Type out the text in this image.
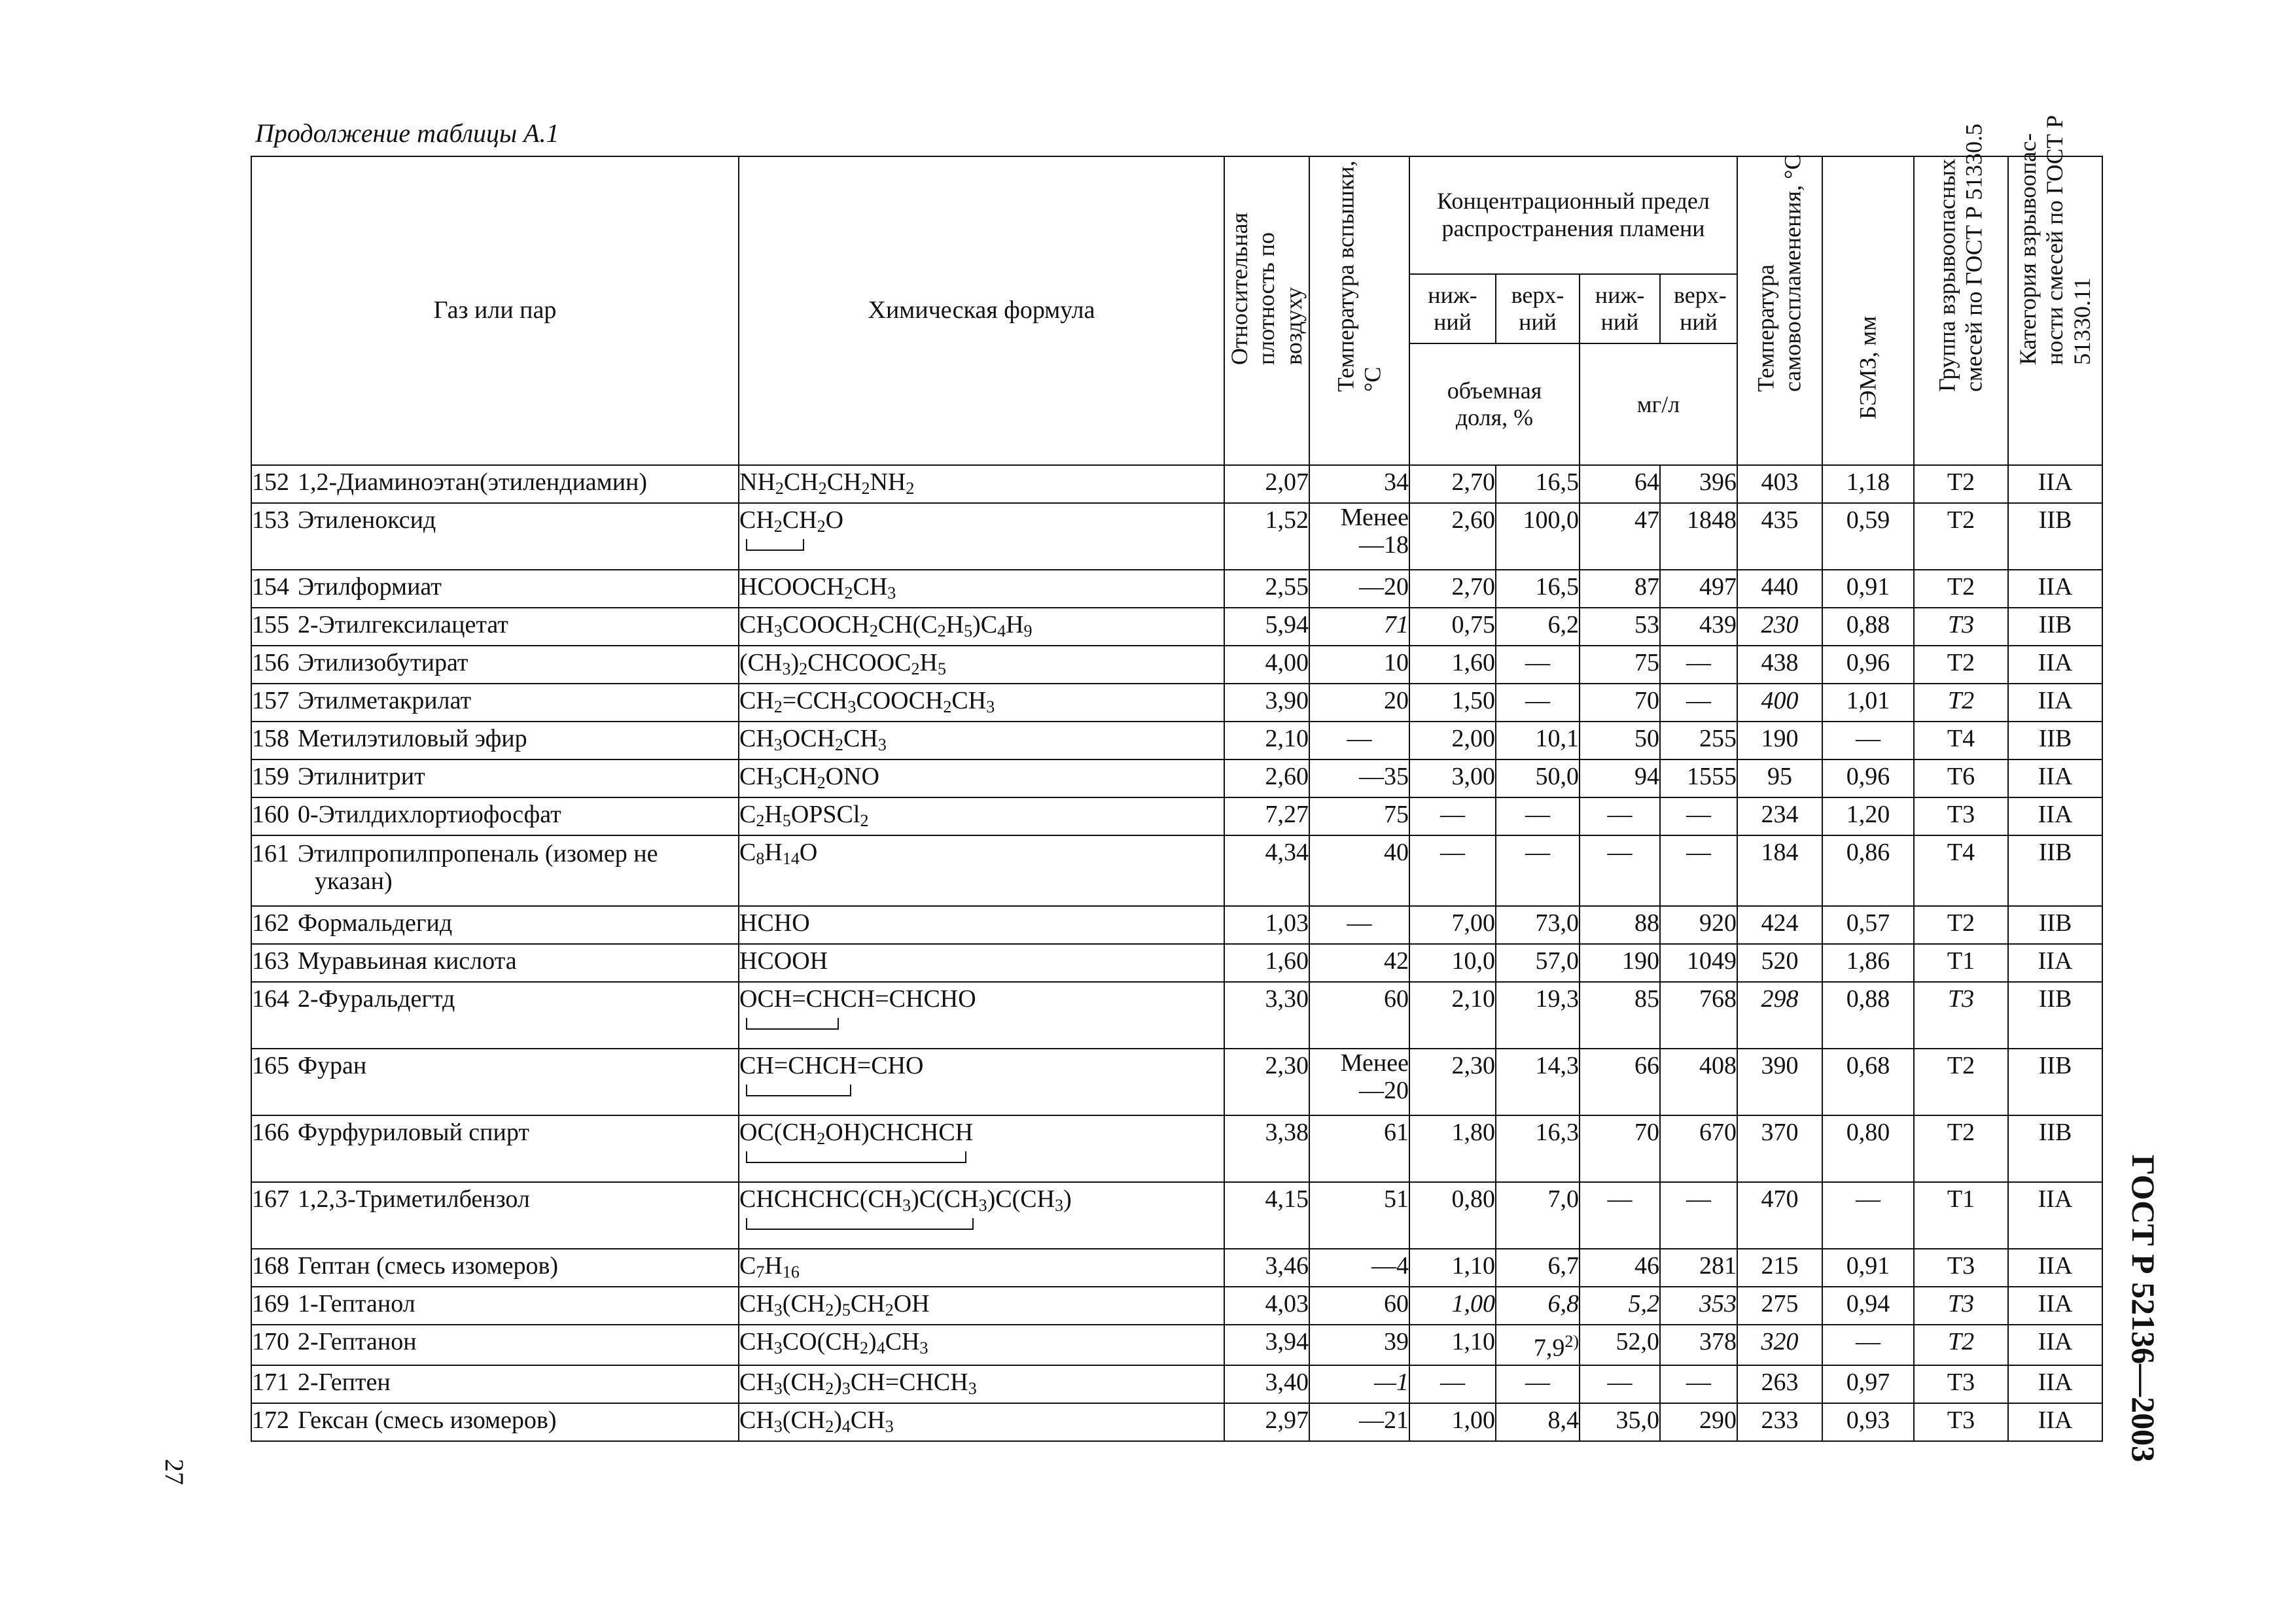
Продолжение таблицы А.1
Газ или пар	Химическая формула	Относительная плотность по воздуху	Температура вспышки, °C	Концентрационный предел распространения пламени				Температура самовоспламенения, °C	БЭМЗ, мм	Группа взрывоопасных смесей по ГОСТ Р 51330.5	Категория взрывоопас- ности смесей по ГОСТ Р 51330.11

				ниж- ний	верх- ний	ниж- ний	верх- ний				
				объемная доля, %		мг/л					
152 1,2-Диаминоэтан(этилендиамин)	$NH_2CH_2CH_2NH_2$	2,07	34	2,70	16,5	64	396	403	1,18	Т2	IIA
153 Этиленоксид	$CH_2CH_2O$	1,52	Менее —18	2,60	100,0	47	1848	435	0,59	Т2	IIB
154 Этилформиат	$HCOOCH_2CH_3$	2,55	—20	2,70	16,5	87	497	440	0,91	Т2	IIA
155 2-Этилгексилацетат	$CH_3COOCH_2CH(C_2H_5)C_4H_9$	5,94	71	0,75	6,2	53	439	230	0,88	Т3	IIB
156 Этилизобутират	$(CH_3)_2CHCOOC_2H_5$	4,00	10	1,60	—	75	—	438	0,96	Т2	IIA
157 Этилметакрилат	$CH_2=CCH_3COOCH_2CH_3$	3,90	20	1,50	—	70	—	400	1,01	Т2	IIA
158 Метилэтиловый эфир	$CH_3OCH_2CH_3$	2,10	—	2,00	10,1	50	255	190	—	Т4	IIB
159 Этилнитрит	$CH_3CH_2ONO$	2,60	—35	3,00	50,0	94	1555	95	0,96	Т6	IIA
160 0-Этилдихлортиофосфат	$C_2H_5OPSCl_2$	7,27	75	—	—	—	—	234	1,20	Т3	IIA
161 Этилпропилпропеналь (изомер не
указан)	$C_8H_{14}O$	4,34	40	—	—	—	—	184	0,86	Т4	IIB
162 Формальдегид	HCHO	1,03	—	7,00	73,0	88	920	424	0,57	Т2	IIB
163 Муравьиная кислота	HCOOH	1,60	42	10,0	57,0	190	1049	520	1,86	Т1	IIA
164 2-Фуральдегтд	OCH=CHCH=CHCHO	3,30	60	2,10	19,3	85	768	298	0,88	Т3	IIB
165 Фуран	CH=CHCH=CHO	2,30	Менее —20	2,30	14,3	66	408	390	0,68	Т2	IIB
166 Фурфуриловый спирт	$OC(CH_2OH)CHCHCH$	3,38	61	1,80	16,3	70	670	370	0,80	Т2	IIB
167 1,2,3-Триметилбензол	$CHCHCHC(CH_3)C(CH_3)C(CH_3)$	4,15	51	0,80	7,0	—	—	470	—	Т1	IIA
168 Гептан (смесь изомеров)	$C_7H_{16}$	3,46	—4	1,10	6,7	46	281	215	0,91	Т3	IIA
169 1-Гептанол	$CH_3(CH_2)_5CH_2OH$	4,03	60	1,00	6,8	5,2	353	275	0,94	Т3	IIA
170 2-Гептанон	$CH_3CO(CH_2)_4CH_3$	3,94	39	1,10	7,9$^{2)}$	52,0	378	320	—	Т2	IIA
171 2-Гептен	$CH_3(CH_2)_3CH=CHCH_3$	3,40	—1	—	—	—	—	263	0,97	Т3	IIA
172 Гексан (смесь изомеров)	$CH_3(CH_2)_4CH_3$	2,97	—21	1,00	8,4	35,0	290	233	0,93	Т3	IIA ГОСТ Р 52136—2003
27
